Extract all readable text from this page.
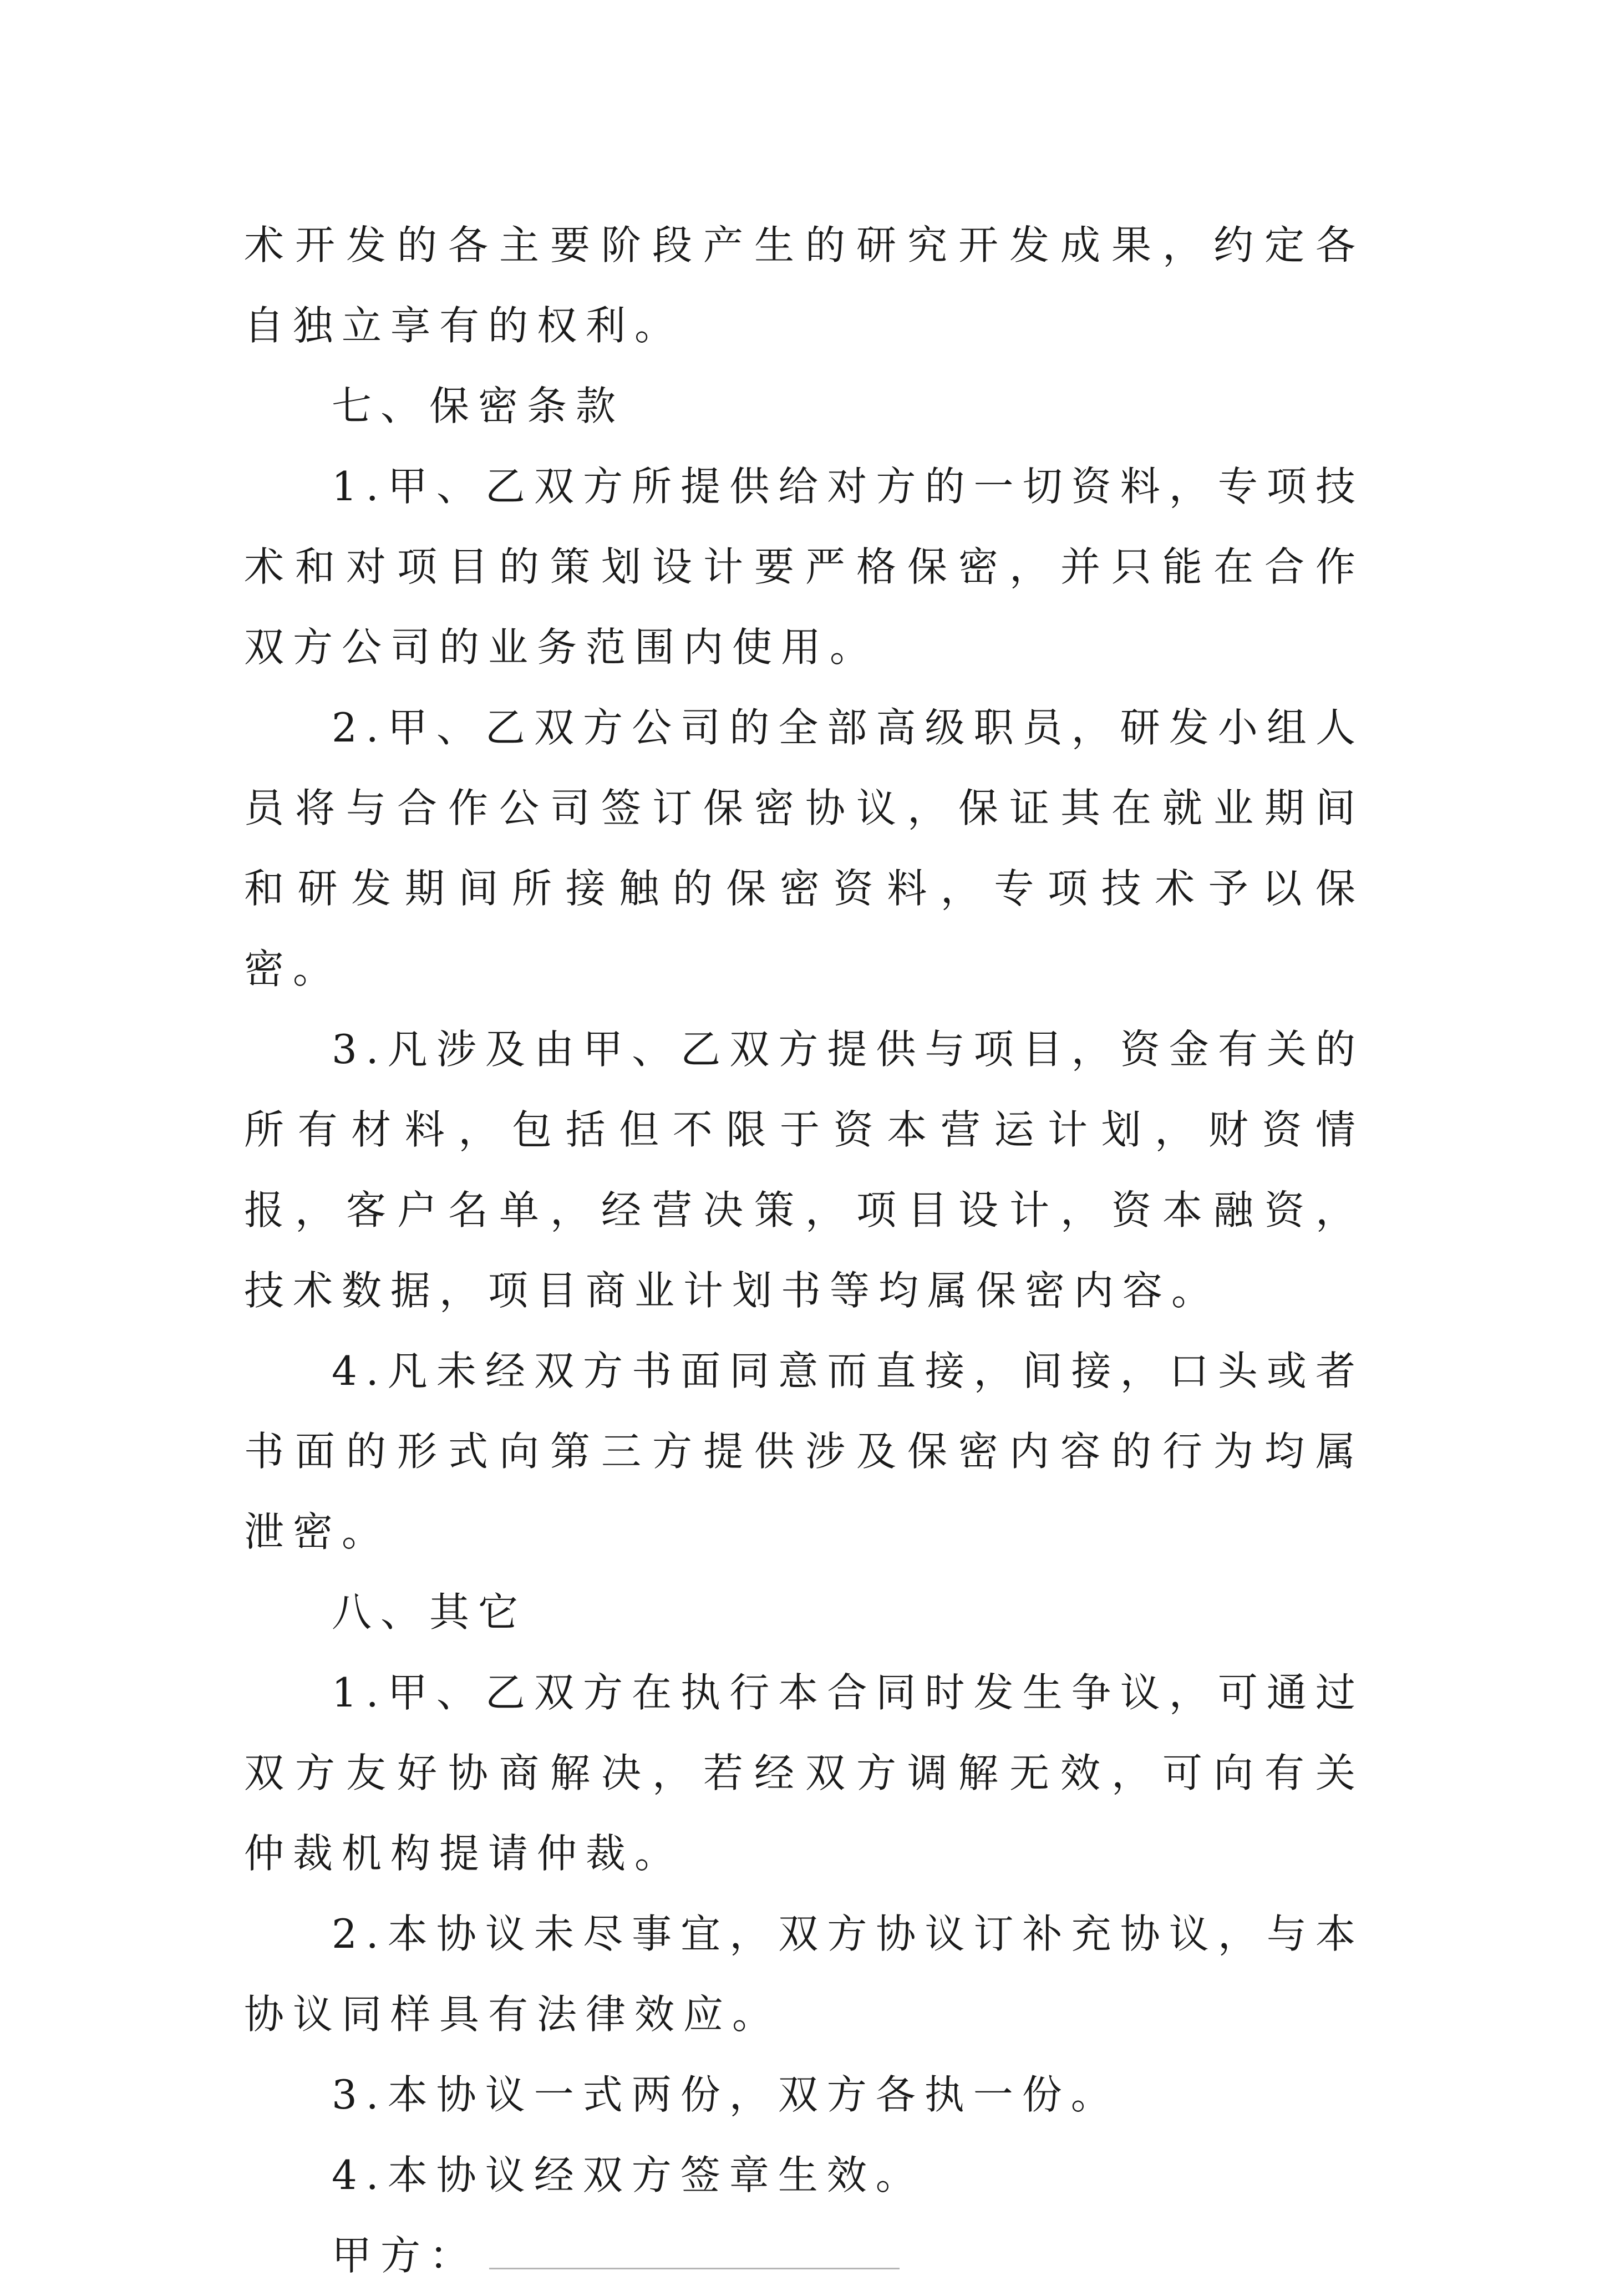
术开发的各主要阶段产生的研究开发成果，约定各自独立享有的权利。

七、保密条款

1.甲、乙双方所提供给对方的一切资料，专项技术和对项目的策划设计要严格保密，并只能在合作双方公司的业务范围内使用。

2.甲、乙双方公司的全部高级职员，研发小组人员将与合作公司签订保密协议，保证其在就业期间和研发期间所接触的保密资料，专项技术予以保密。

3.凡涉及由甲、乙双方提供与项目，资金有关的所有材料，包括但不限于资本营运计划，财资情报，客户名单，经营决策，项目设计，资本融资，技术数据，项目商业计划书等均属保密内容。

4.凡未经双方书面同意而直接，间接，口头或者书面的形式向第三方提供涉及保密内容的行为均属泄密。

八、其它

1.甲、乙双方在执行本合同时发生争议，可通过双方友好协商解决，若经双方调解无效，可向有关仲裁机构提请仲裁。

2.本协议未尽事宜，双方协议订补充协议，与本协议同样具有法律效应。

3.本协议一式两份，双方各执一份。

4.本协议经双方签章生效。

甲方：
